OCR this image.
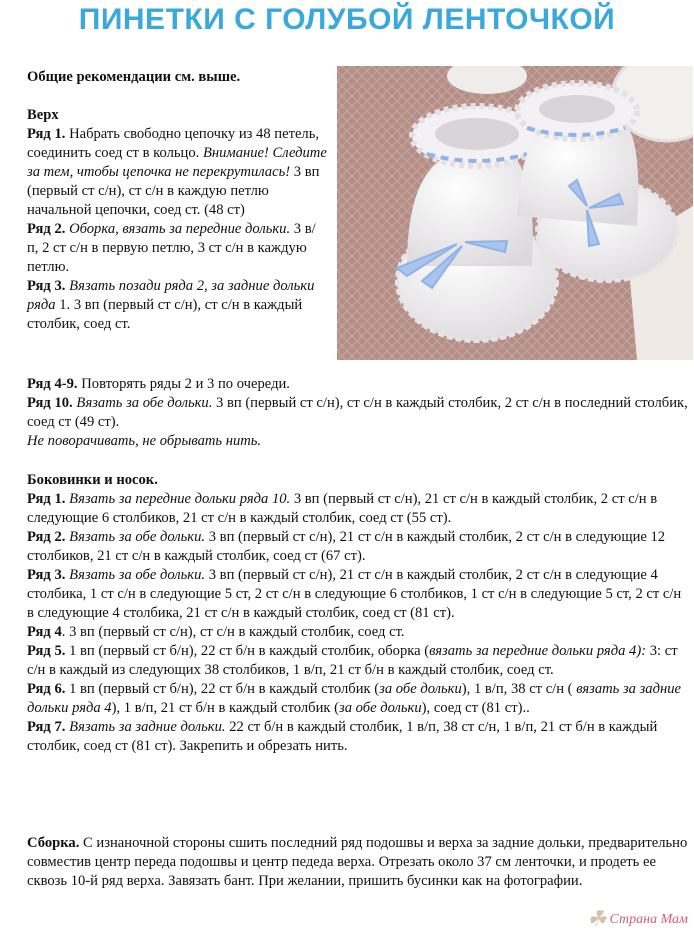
ПИНЕТКИ С ГОЛУБОЙ ЛЕНТОЧКОЙ
Общие рекомендации см. выше.

Верх

Ряд 1. Набрать свободно цепочку из 48 петель, соединить соед ст в кольцо. Внимание! Следите за тем, чтобы цепочка не перекрутилась! 3 вп (первый ст с/н), ст с/н в каждую петлю начальной цепочки, соед ст. (48 ст)

Ряд 2. Оборка, вязать за передние дольки. 3 в/п, 2 ст с/н в первую петлю, 3 ст с/н в каждую петлю.

Ряд 3. Вязать позади ряда 2, за задние дольки ряда 1. 3 вп (первый ст с/н), ст с/н в каждый столбик, соед ст.

Ряд 4-9. Повторять ряды 2 и 3 по очереди.

Ряд 10. Вязать за обе дольки. 3 вп (первый ст с/н), ст с/н в каждый столбик, 2 ст с/н в последний столбик, соед ст (49 ст).

Не поворачивать, не обрывать нить.

Боковинки и носок.

Ряд 1. Вязать за передние дольки ряда 10. 3 вп (первый ст с/н), 21 ст с/н в каждый столбик, 2 ст с/н в следующие 6 столбиков, 21 ст с/н в каждый столбик, соед ст (55 ст).

Ряд 2. Вязать за обе дольки. 3 вп (первый ст с/н), 21 ст с/н в каждый столбик, 2 ст с/н в следующие 12 столбиков, 21 ст с/н в каждый столбик, соед ст (67 ст).

Ряд 3. Вязать за обе дольки. 3 вп (первый ст с/н), 21 ст с/н в каждый столбик, 2 ст с/н в следующие 4 столбика, 1 ст с/н в следующие 5 ст, 2 ст с/н в следующие 6 столбиков, 1 ст с/н в следующие 5 ст, 2 ст с/н в следующие 4 столбика, 21 ст с/н в каждый столбик, соед ст (81 ст).

Ряд 4. 3 вп (первый ст с/н), ст с/н в каждый столбик, соед ст.

Ряд 5. 1 вп (первый ст б/н), 22 ст б/н в каждый столбик, оборка (вязать за передние дольки ряда 4): 3: ст с/н в каждый из следующих 38 столбиков, 1 в/п, 21 ст б/н в каждый столбик, соед ст.

Ряд 6. 1 вп (первый ст б/н), 22 ст б/н в каждый столбик (за обе дольки), 1 в/п, 38 ст с/н ( вязать за задние дольки ряда 4), 1 в/п, 21 ст б/н в каждый столбик (за обе дольки), соед ст (81 ст)..

Ряд 7. Вязать за задние дольки. 22 ст б/н в каждый столбик, 1 в/п, 38 ст с/н, 1 в/п, 21 ст б/н в каждый столбик, соед ст (81 ст). Закрепить и обрезать нить.

Сборка. С изнаночной стороны сшить последний ряд подошвы и верха за задние дольки, предварительно совместив центр переда подошвы и центр педеда верха. Отрезать около 37 см ленточки, и продеть ее сквозь 10-й ряд верха. Завязать бант. При желании, пришить бусинки как на фотографии.

☘ Страна Мам
